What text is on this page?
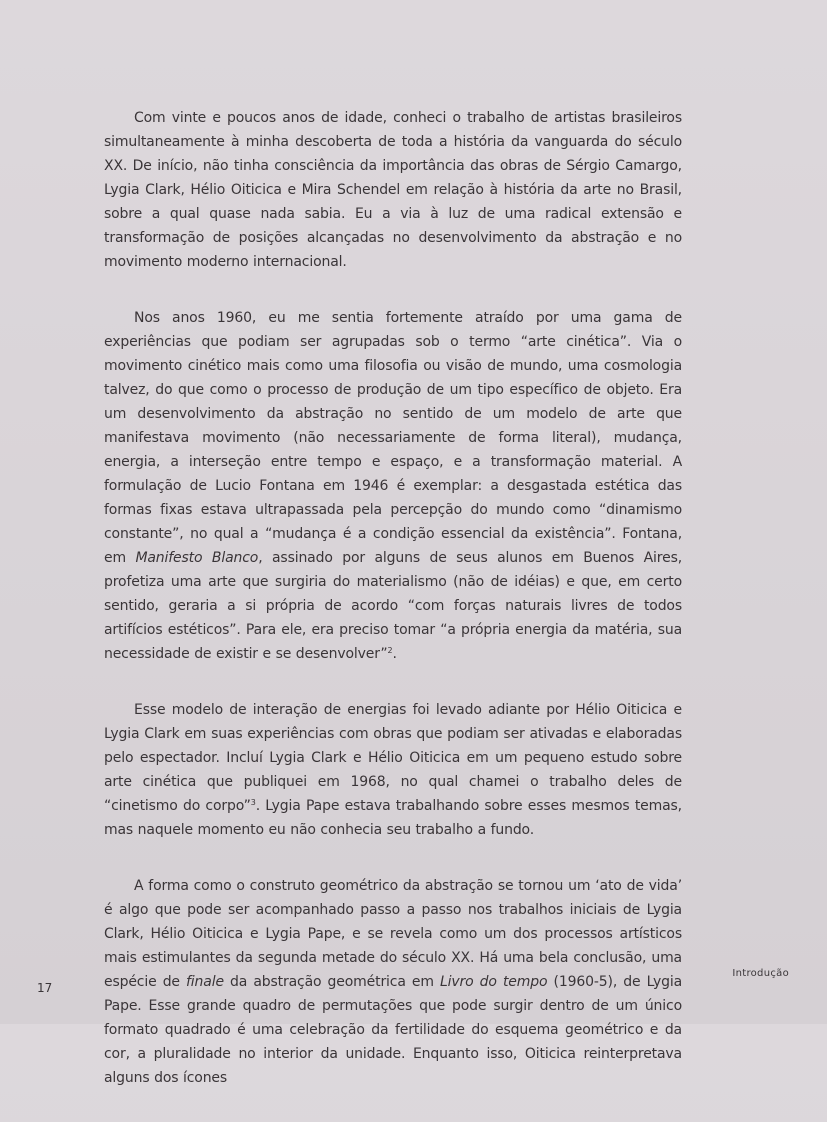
Com vinte e poucos anos de idade, conheci o trabalho de artistas brasileiros simultaneamente à minha descoberta de toda a história da vanguarda do século XX. De início, não tinha consciência da importância das obras de Sérgio Camargo, Lygia Clark, Hélio Oiticica e Mira Schendel em relação à história da arte no Brasil, sobre a qual quase nada sabia. Eu a via à luz de uma radical extensão e transformação de posições alcançadas no desenvolvimento da abstração e no movimento moderno internacional.

Nos anos 1960, eu me sentia fortemente atraído por uma gama de experiências que podiam ser agrupadas sob o termo “arte cinética”. Via o movimento cinético mais como uma filosofia ou visão de mundo, uma cosmologia talvez, do que como o processo de produção de um tipo específico de objeto. Era um desenvolvimento da abstração no sentido de um modelo de arte que manifestava movimento (não necessariamente de forma literal), mudança, energia, a interseção entre tempo e espaço, e a transformação material. A formulação de Lucio Fontana em 1946 é exemplar: a desgastada estética das formas fixas estava ultrapassada pela percepção do mundo como “dinamismo constante”, no qual a “mudança é a condição essencial da existência”. Fontana, em Manifesto Blanco, assinado por alguns de seus alunos em Buenos Aires, profetiza uma arte que surgiria do materialismo (não de idéias) e que, em certo sentido, geraria a si própria de acordo “com forças naturais livres de todos artifícios estéticos”. Para ele, era preciso tomar “a própria energia da matéria, sua necessidade de existir e se desenvolver”$^2$.

Esse modelo de interação de energias foi levado adiante por Hélio Oiticica e Lygia Clark em suas experiências com obras que podiam ser ativadas e elaboradas pelo espectador. Incluí Lygia Clark e Hélio Oiticica em um pequeno estudo sobre arte cinética que publiquei em 1968, no qual chamei o trabalho deles de “cinetismo do corpo”$^3$. Lygia Pape estava trabalhando sobre esses mesmos temas, mas naquele momento eu não conhecia seu trabalho a fundo.

A forma como o construto geométrico da abstração se tornou um ‘ato de vida’ é algo que pode ser acompanhado passo a passo nos trabalhos iniciais de Lygia Clark, Hélio Oiticica e Lygia Pape, e se revela como um dos processos artísticos mais estimulantes da segunda metade do século XX. Há uma bela conclusão, uma espécie de finale da abstração geométrica em Livro do tempo (1960-5), de Lygia Pape. Esse grande quadro de permutações que pode surgir dentro de um único formato quadrado é uma celebração da fertilidade do esquema geométrico e da cor, a pluralidade no interior da unidade. Enquanto isso, Oiticica reinterpretava alguns dos ícones

17
Introdução
